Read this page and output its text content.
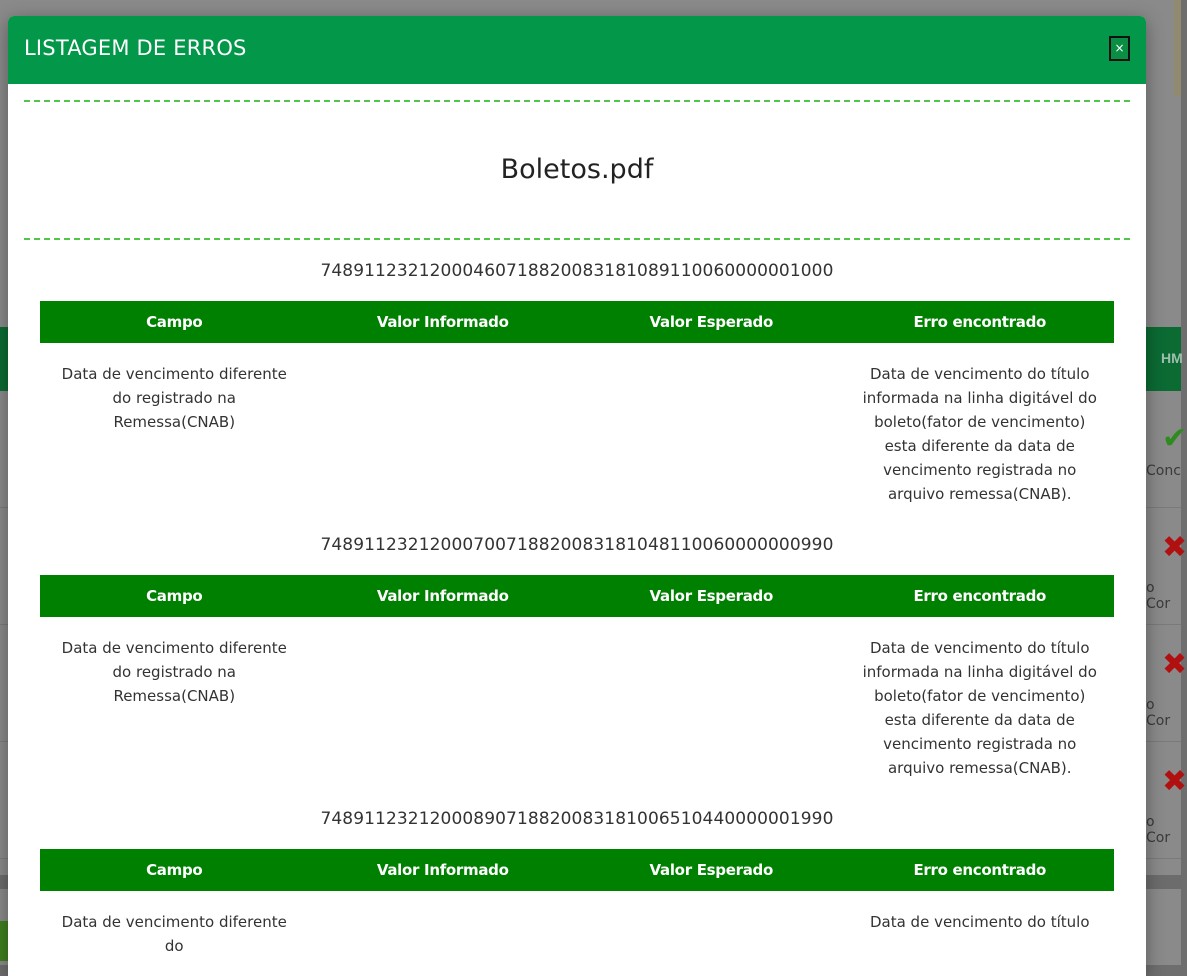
HM
✔
Conc
✖
o Cor
✖
o Cor
✖
o Cor
LISTAGEM DE ERROS	×
Boletos.pdf
74891123212000460718820083181089110060000001000
Campo	Valor Informado	Valor Esperado	Erro encontrado
Data de vencimento diferente do registrado na Remessa(CNAB)			Data de vencimento do título informada na linha digitável do boleto(fator de vencimento) esta diferente da data de vencimento registrada no arquivo remessa(CNAB).
74891123212000700718820083181048110060000000990
Campo	Valor Informado	Valor Esperado	Erro encontrado
Data de vencimento diferente do registrado na Remessa(CNAB)			Data de vencimento do título informada na linha digitável do boleto(fator de vencimento) esta diferente da data de vencimento registrada no arquivo remessa(CNAB).
74891123212000890718820083181006510440000001990
Campo	Valor Informado	Valor Esperado	Erro encontrado
Data de vencimento diferente do			Data de vencimento do título
